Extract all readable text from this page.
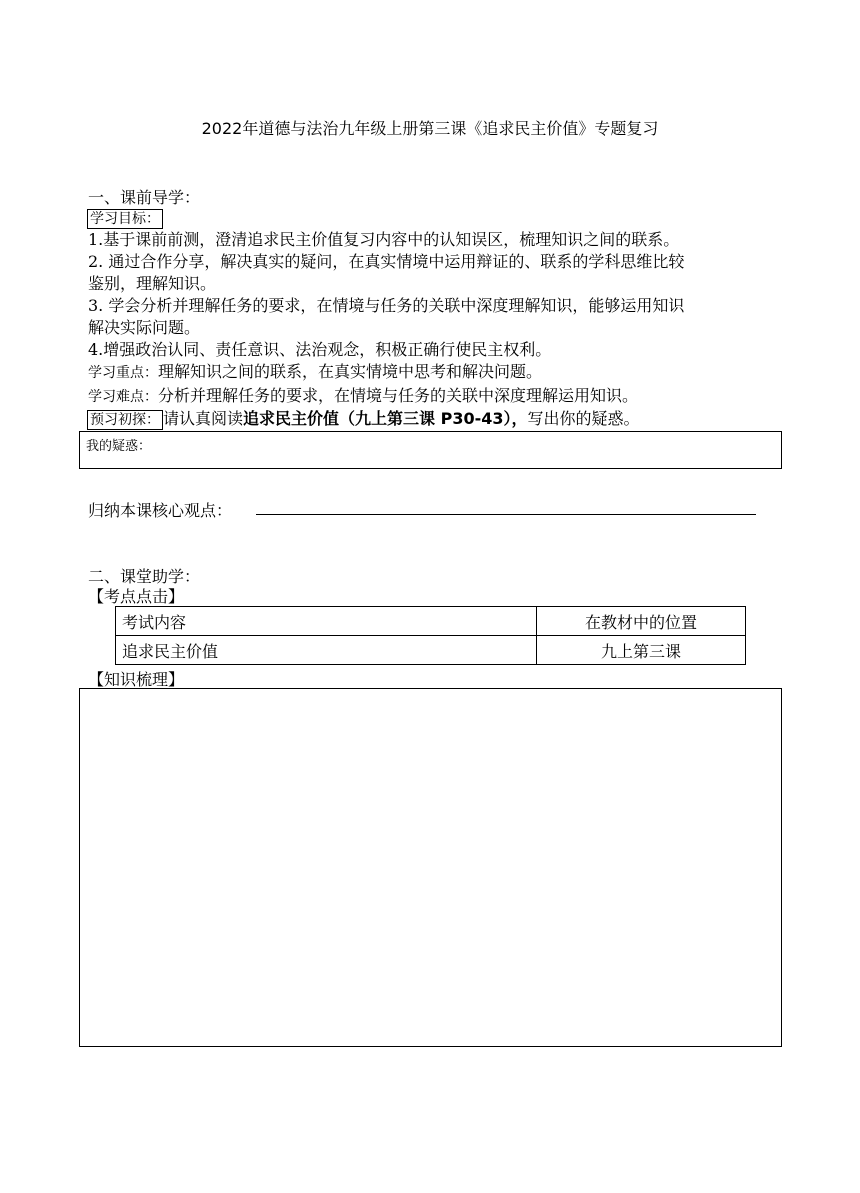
2022年道德与法治九年级上册第三课《追求民主价值》专题复习
一、课前导学：
学习目标：
1.基于课前前测，澄清追求民主价值复习内容中的认知误区，梳理知识之间的联系。
2. 通过合作分享，解决真实的疑问，在真实情境中运用辩证的、联系的学科思维比较
鉴别，理解知识。
3. 学会分析并理解任务的要求，在情境与任务的关联中深度理解知识，能够运用知识
解决实际问题。
4.增强政治认同、责任意识、法治观念，积极正确行使民主权利。
学习重点：理解知识之间的联系，在真实情境中思考和解决问题。
学习难点：分析并理解任务的要求，在情境与任务的关联中深度理解运用知识。
预习初探： 请认真阅读追求民主价值（九上第三课 P30-43），写出你的疑惑。
我的疑惑：
归纳本课核心观点：
二、课堂助学：
【考点点击】
考试内容	在教材中的位置
追求民主价值	九上第三课
【知识梳理】
